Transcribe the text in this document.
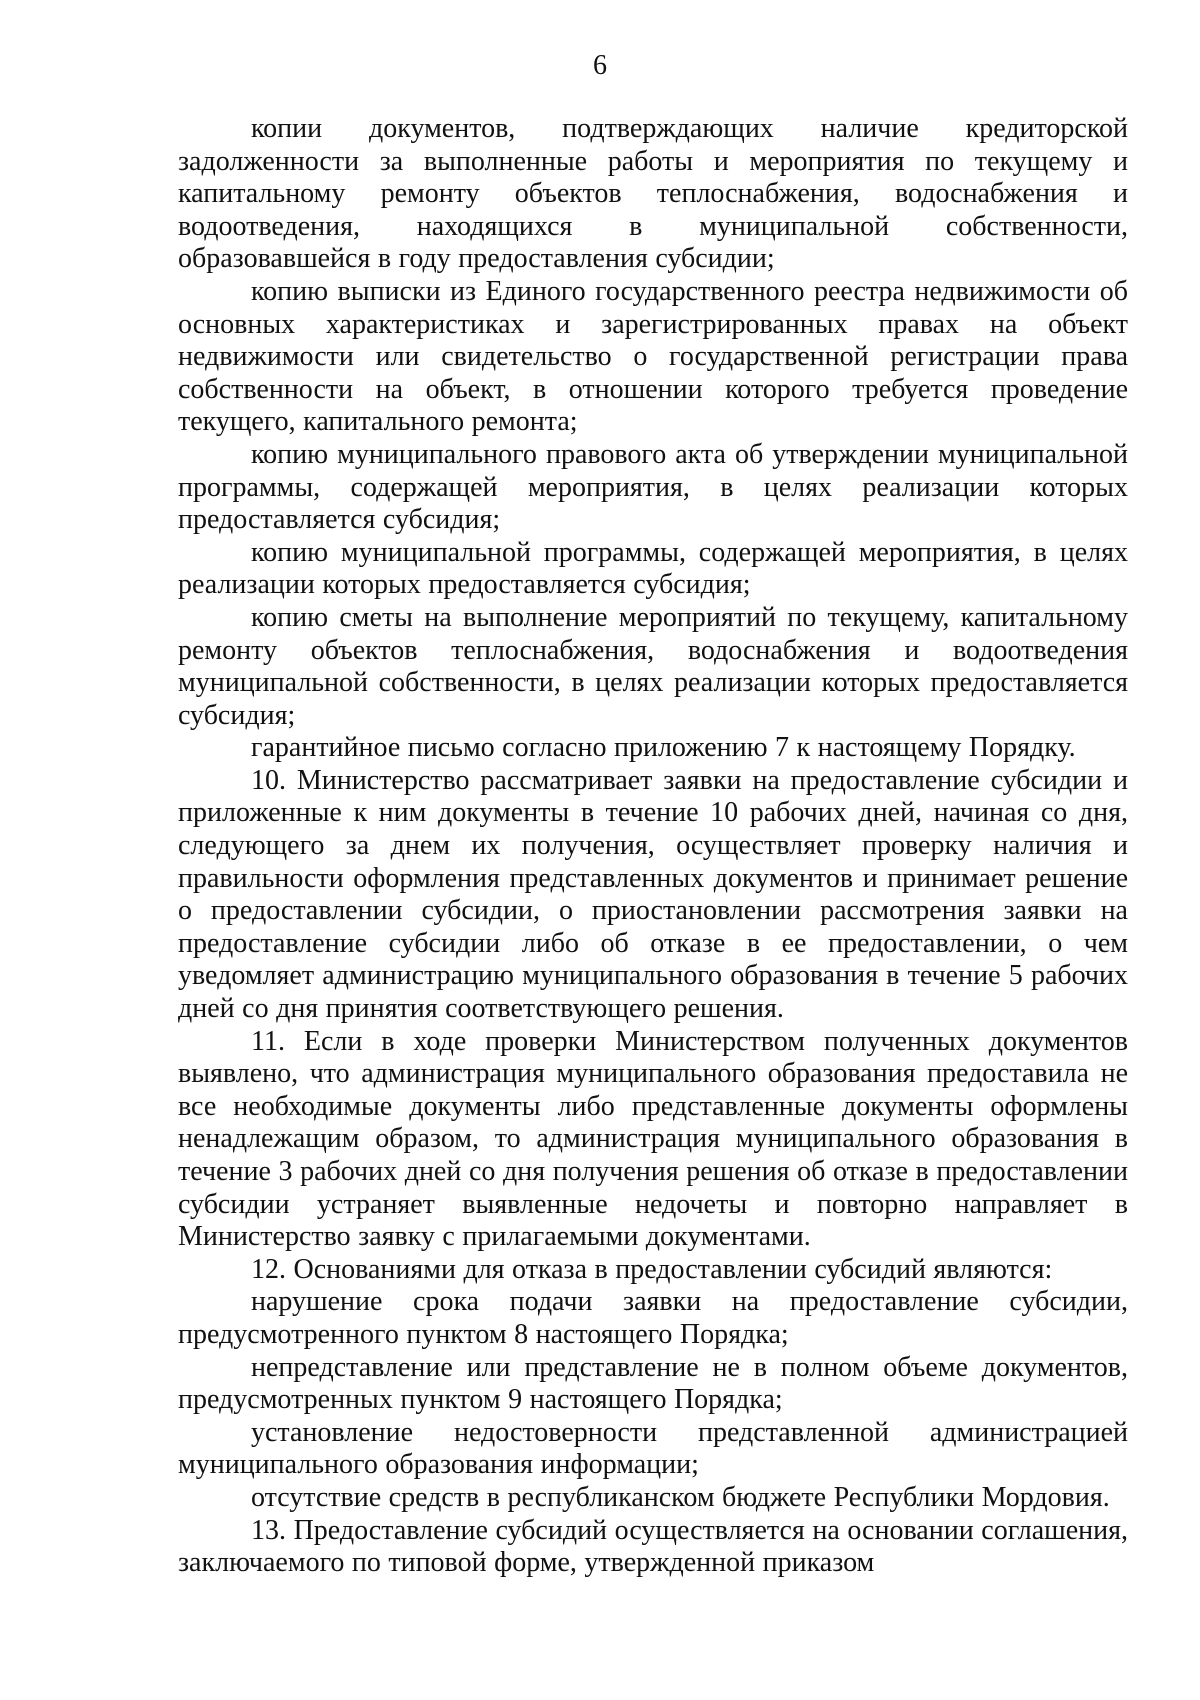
6

копии документов, подтверждающих наличие кредиторской задолженности за выполненные работы и мероприятия по текущему и капитальному ремонту объектов теплоснабжения, водоснабжения и водоотведения, находящихся в муниципальной собственности, образовавшейся в году предоставления субсидии;

копию выписки из Единого государственного реестра недвижимости об основных характеристиках и зарегистрированных правах на объект недвижимости или свидетельство о государственной регистрации права собственности на объект, в отношении которого требуется проведение текущего, капитального ремонта;

копию муниципального правового акта об утверждении муниципальной программы, содержащей мероприятия, в целях реализации которых предоставляется субсидия;

копию муниципальной программы, содержащей мероприятия, в целях реализации которых предоставляется субсидия;

копию сметы на выполнение мероприятий по текущему, капитальному ремонту объектов теплоснабжения, водоснабжения и водоотведения муниципальной собственности, в целях реализации которых предоставляется субсидия;

гарантийное письмо согласно приложению 7 к настоящему Порядку.

10. Министерство рассматривает заявки на предоставление субсидии и приложенные к ним документы в течение 10 рабочих дней, начиная со дня, следующего за днем их получения, осуществляет проверку наличия и правильности оформления представленных документов и принимает решение о предоставлении субсидии, о приостановлении рассмотрения заявки на предоставление субсидии либо об отказе в ее предоставлении, о чем уведомляет администрацию муниципального образования в течение 5 рабочих дней со дня принятия соответствующего решения.

11. Если в ходе проверки Министерством полученных документов выявлено, что администрация муниципального образования предоставила не все необходимые документы либо представленные документы оформлены ненадлежащим образом, то администрация муниципального образования в течение 3 рабочих дней со дня получения решения об отказе в предоставлении субсидии устраняет выявленные недочеты и повторно направляет в Министерство заявку с прилагаемыми документами.

12. Основаниями для отказа в предоставлении субсидий являются:

нарушение срока подачи заявки на предоставление субсидии, предусмотренного пунктом 8 настоящего Порядка;

непредставление или представление не в полном объеме документов, предусмотренных пунктом 9 настоящего Порядка;

установление недостоверности представленной администрацией муниципального образования информации;

отсутствие средств в республиканском бюджете Республики Мордовия.

13. Предоставление субсидий осуществляется на основании соглашения, заключаемого по типовой форме, утвержденной приказом
